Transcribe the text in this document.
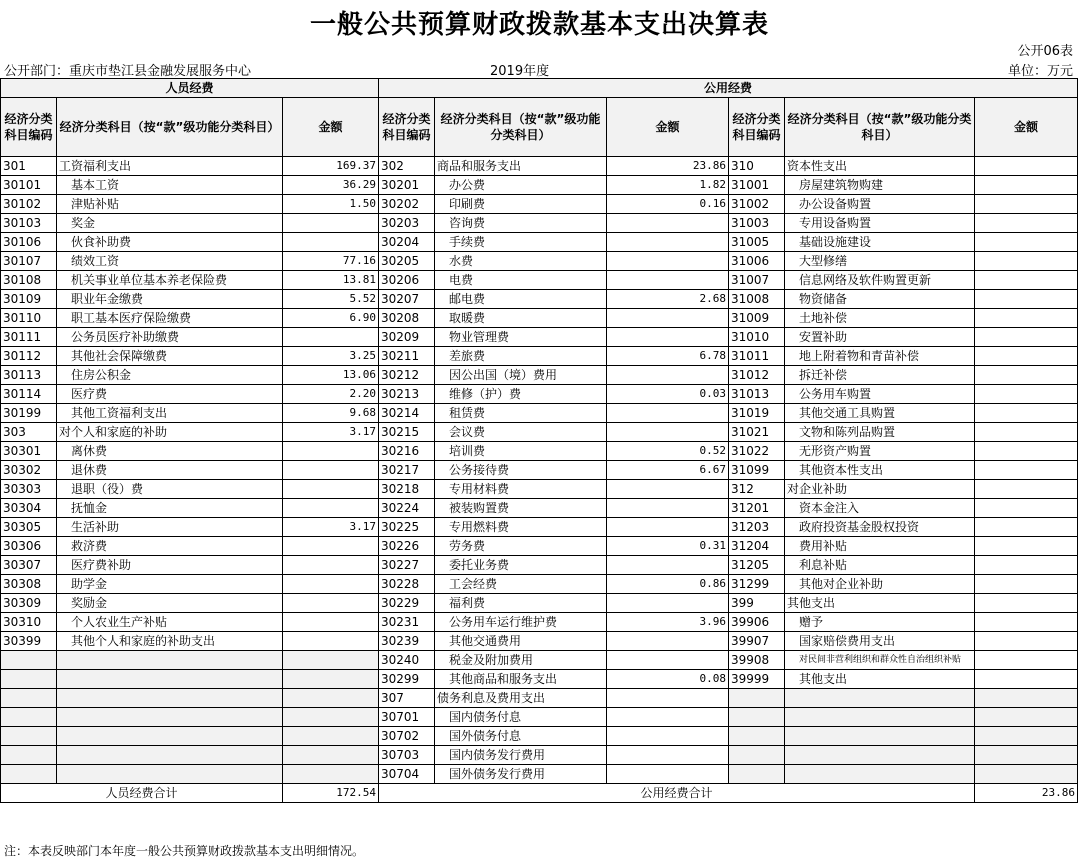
一般公共预算财政拨款基本支出决算表
公开06表
公开部门：重庆市垫江县金融发展服务中心	2019年度	单位：万元
人员经费			公用经费					
经济分类科目编码	经济分类科目（按“款”级功能分类科目）	金额	经济分类科目编码	经济分类科目（按“款”级功能分类科目）	金额	经济分类科目编码	经济分类科目（按“款”级功能分类科目）	金额
301	工资福利支出	169.37	302	商品和服务支出	23.86	310	资本性支出	
30101	基本工资	36.29	30201	办公费	1.82	31001	房屋建筑物购建	
30102	津贴补贴	1.50	30202	印刷费	0.16	31002	办公设备购置	
30103	奖金		30203	咨询费		31003	专用设备购置	
30106	伙食补助费		30204	手续费		31005	基础设施建设	
30107	绩效工资	77.16	30205	水费		31006	大型修缮	
30108	机关事业单位基本养老保险费	13.81	30206	电费		31007	信息网络及软件购置更新	
30109	职业年金缴费	5.52	30207	邮电费	2.68	31008	物资储备	
30110	职工基本医疗保险缴费	6.90	30208	取暖费		31009	土地补偿	
30111	公务员医疗补助缴费		30209	物业管理费		31010	安置补助	
30112	其他社会保障缴费	3.25	30211	差旅费	6.78	31011	地上附着物和青苗补偿	
30113	住房公积金	13.06	30212	因公出国（境）费用		31012	拆迁补偿	
30114	医疗费	2.20	30213	维修（护）费	0.03	31013	公务用车购置	
30199	其他工资福利支出	9.68	30214	租赁费		31019	其他交通工具购置	
303	对个人和家庭的补助	3.17	30215	会议费		31021	文物和陈列品购置	
30301	离休费		30216	培训费	0.52	31022	无形资产购置	
30302	退休费		30217	公务接待费	6.67	31099	其他资本性支出	
30303	退职（役）费		30218	专用材料费		312	对企业补助	
30304	抚恤金		30224	被装购置费		31201	资本金注入	
30305	生活补助	3.17	30225	专用燃料费		31203	政府投资基金股权投资	
30306	救济费		30226	劳务费	0.31	31204	费用补贴	
30307	医疗费补助		30227	委托业务费		31205	利息补贴	
30308	助学金		30228	工会经费	0.86	31299	其他对企业补助	
30309	奖励金		30229	福利费		399	其他支出	
30310	个人农业生产补贴		30231	公务用车运行维护费	3.96	39906	赠予	
30399	其他个人和家庭的补助支出		30239	其他交通费用		39907	国家赔偿费用支出	
			30240	税金及附加费用		39908	对民间非营利组织和群众性自治组织补贴	
			30299	其他商品和服务支出	0.08	39999	其他支出	
			307	债务利息及费用支出				
			30701	国内债务付息				
			30702	国外债务付息				
			30703	国内债务发行费用				
			30704	国外债务发行费用				
人员经费合计		172.54	公用经费合计					23.86
注：本表反映部门本年度一般公共预算财政拨款基本支出明细情况。
